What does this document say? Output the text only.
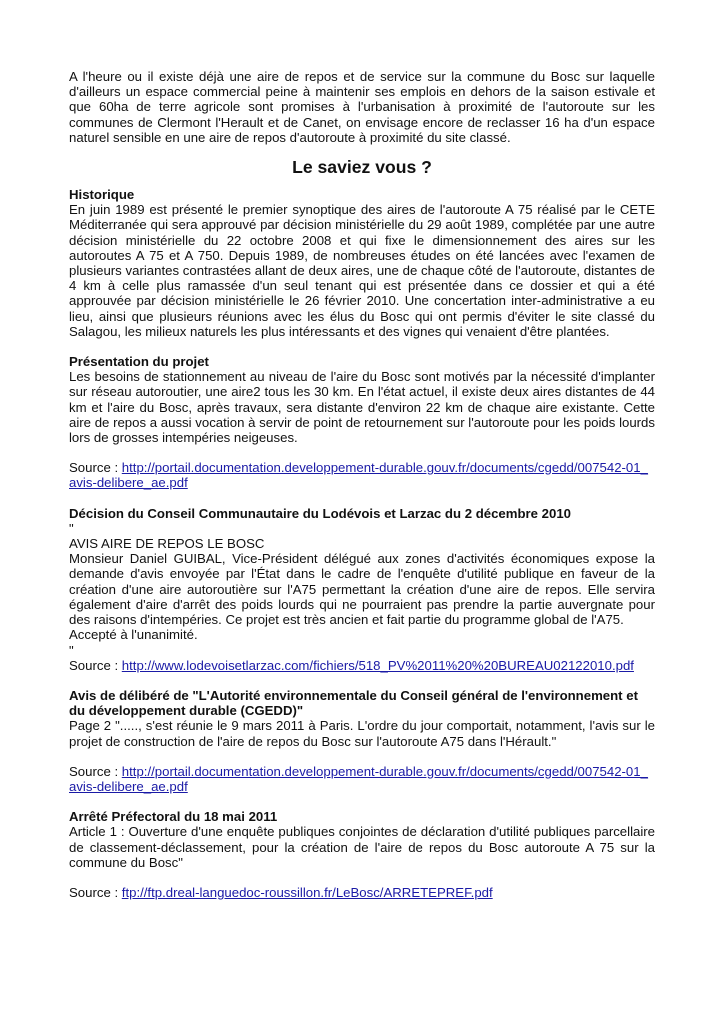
A l'heure ou il existe déjà une aire de repos et de service sur la commune du Bosc sur laquelle d'ailleurs un espace commercial peine à maintenir ses emplois en dehors de la saison estivale et que 60ha de terre agricole sont promises à l'urbanisation à proximité de l'autoroute sur les communes de Clermont l'Herault et de Canet, on envisage encore de reclasser 16 ha d'un espace naturel sensible en une aire de repos d'autoroute à proximité du site classé.

Le saviez vous ?

Historique

En juin 1989 est présenté le premier synoptique des aires de l'autoroute A 75 réalisé par le CETE Méditerranée qui sera approuvé par décision ministérielle du 29 août 1989, complétée par une autre décision ministérielle du 22 octobre 2008 et qui fixe le dimensionnement des aires sur les autoroutes A 75 et A 750. Depuis 1989, de nombreuses études on été lancées avec l'examen de plusieurs variantes contrastées allant de deux aires, une de chaque côté de l'autoroute, distantes de 4 km à celle plus ramassée d'un seul tenant qui est présentée dans ce dossier et qui a été approuvée par décision ministérielle le 26 février 2010. Une concertation inter-administrative a eu lieu, ainsi que plusieurs réunions avec les élus du Bosc qui ont permis d'éviter le site classé du Salagou, les milieux naturels les plus intéressants et des vignes qui venaient d'être plantées.

Présentation du projet

Les besoins de stationnement au niveau de l'aire du Bosc sont motivés par la nécessité d'implanter sur réseau autoroutier, une aire2 tous les 30 km. En l'état actuel, il existe deux aires distantes de 44 km et l'aire du Bosc, après travaux, sera distante d'environ 22 km de chaque aire existante. Cette aire de repos a aussi vocation à servir de point de retournement sur l'autoroute pour les poids lourds lors de grosses intempéries neigeuses.

Source : http://portail.documentation.developpement-durable.gouv.fr/documents/cgedd/007542-01_avis-delibere_ae.pdf

Décision du Conseil Communautaire du Lodévois et Larzac du 2 décembre 2010

"

AVIS AIRE DE REPOS LE BOSC

Monsieur Daniel GUIBAL, Vice-Président délégué aux zones d'activités économiques expose la demande d'avis envoyée par l'État dans le cadre de l'enquête d'utilité publique en faveur de la création d'une aire autoroutière sur l'A75 permettant la création d'une aire de repos. Elle servira également d'aire d'arrêt des poids lourds qui ne pourraient pas prendre la partie auvergnate pour des raisons d'intempéries. Ce projet est très ancien et fait partie du programme global de l'A75.

Accepté à l'unanimité.

"

Source : http://www.lodevoisetlarzac.com/fichiers/518_PV%2011%20%20BUREAU02122010.pdf

Avis de délibéré de "L'Autorité environnementale du Conseil général de l'environnement et du développement durable (CGEDD)"

Page 2 "....., s'est réunie le 9 mars 2011 à Paris. L'ordre du jour comportait, notamment, l'avis sur le projet de construction de l'aire de repos du Bosc sur l'autoroute A75 dans l'Hérault."

Source : http://portail.documentation.developpement-durable.gouv.fr/documents/cgedd/007542-01_avis-delibere_ae.pdf

Arrêté Préfectoral du 18 mai 2011

Article 1 : Ouverture d'une enquête publiques conjointes de déclaration d'utilité publiques parcellaire de classement-déclassement, pour la création de l'aire de repos du Bosc autoroute A 75 sur la commune du Bosc"

Source : ftp://ftp.dreal-languedoc-roussillon.fr/LeBosc/ARRETEPREF.pdf
